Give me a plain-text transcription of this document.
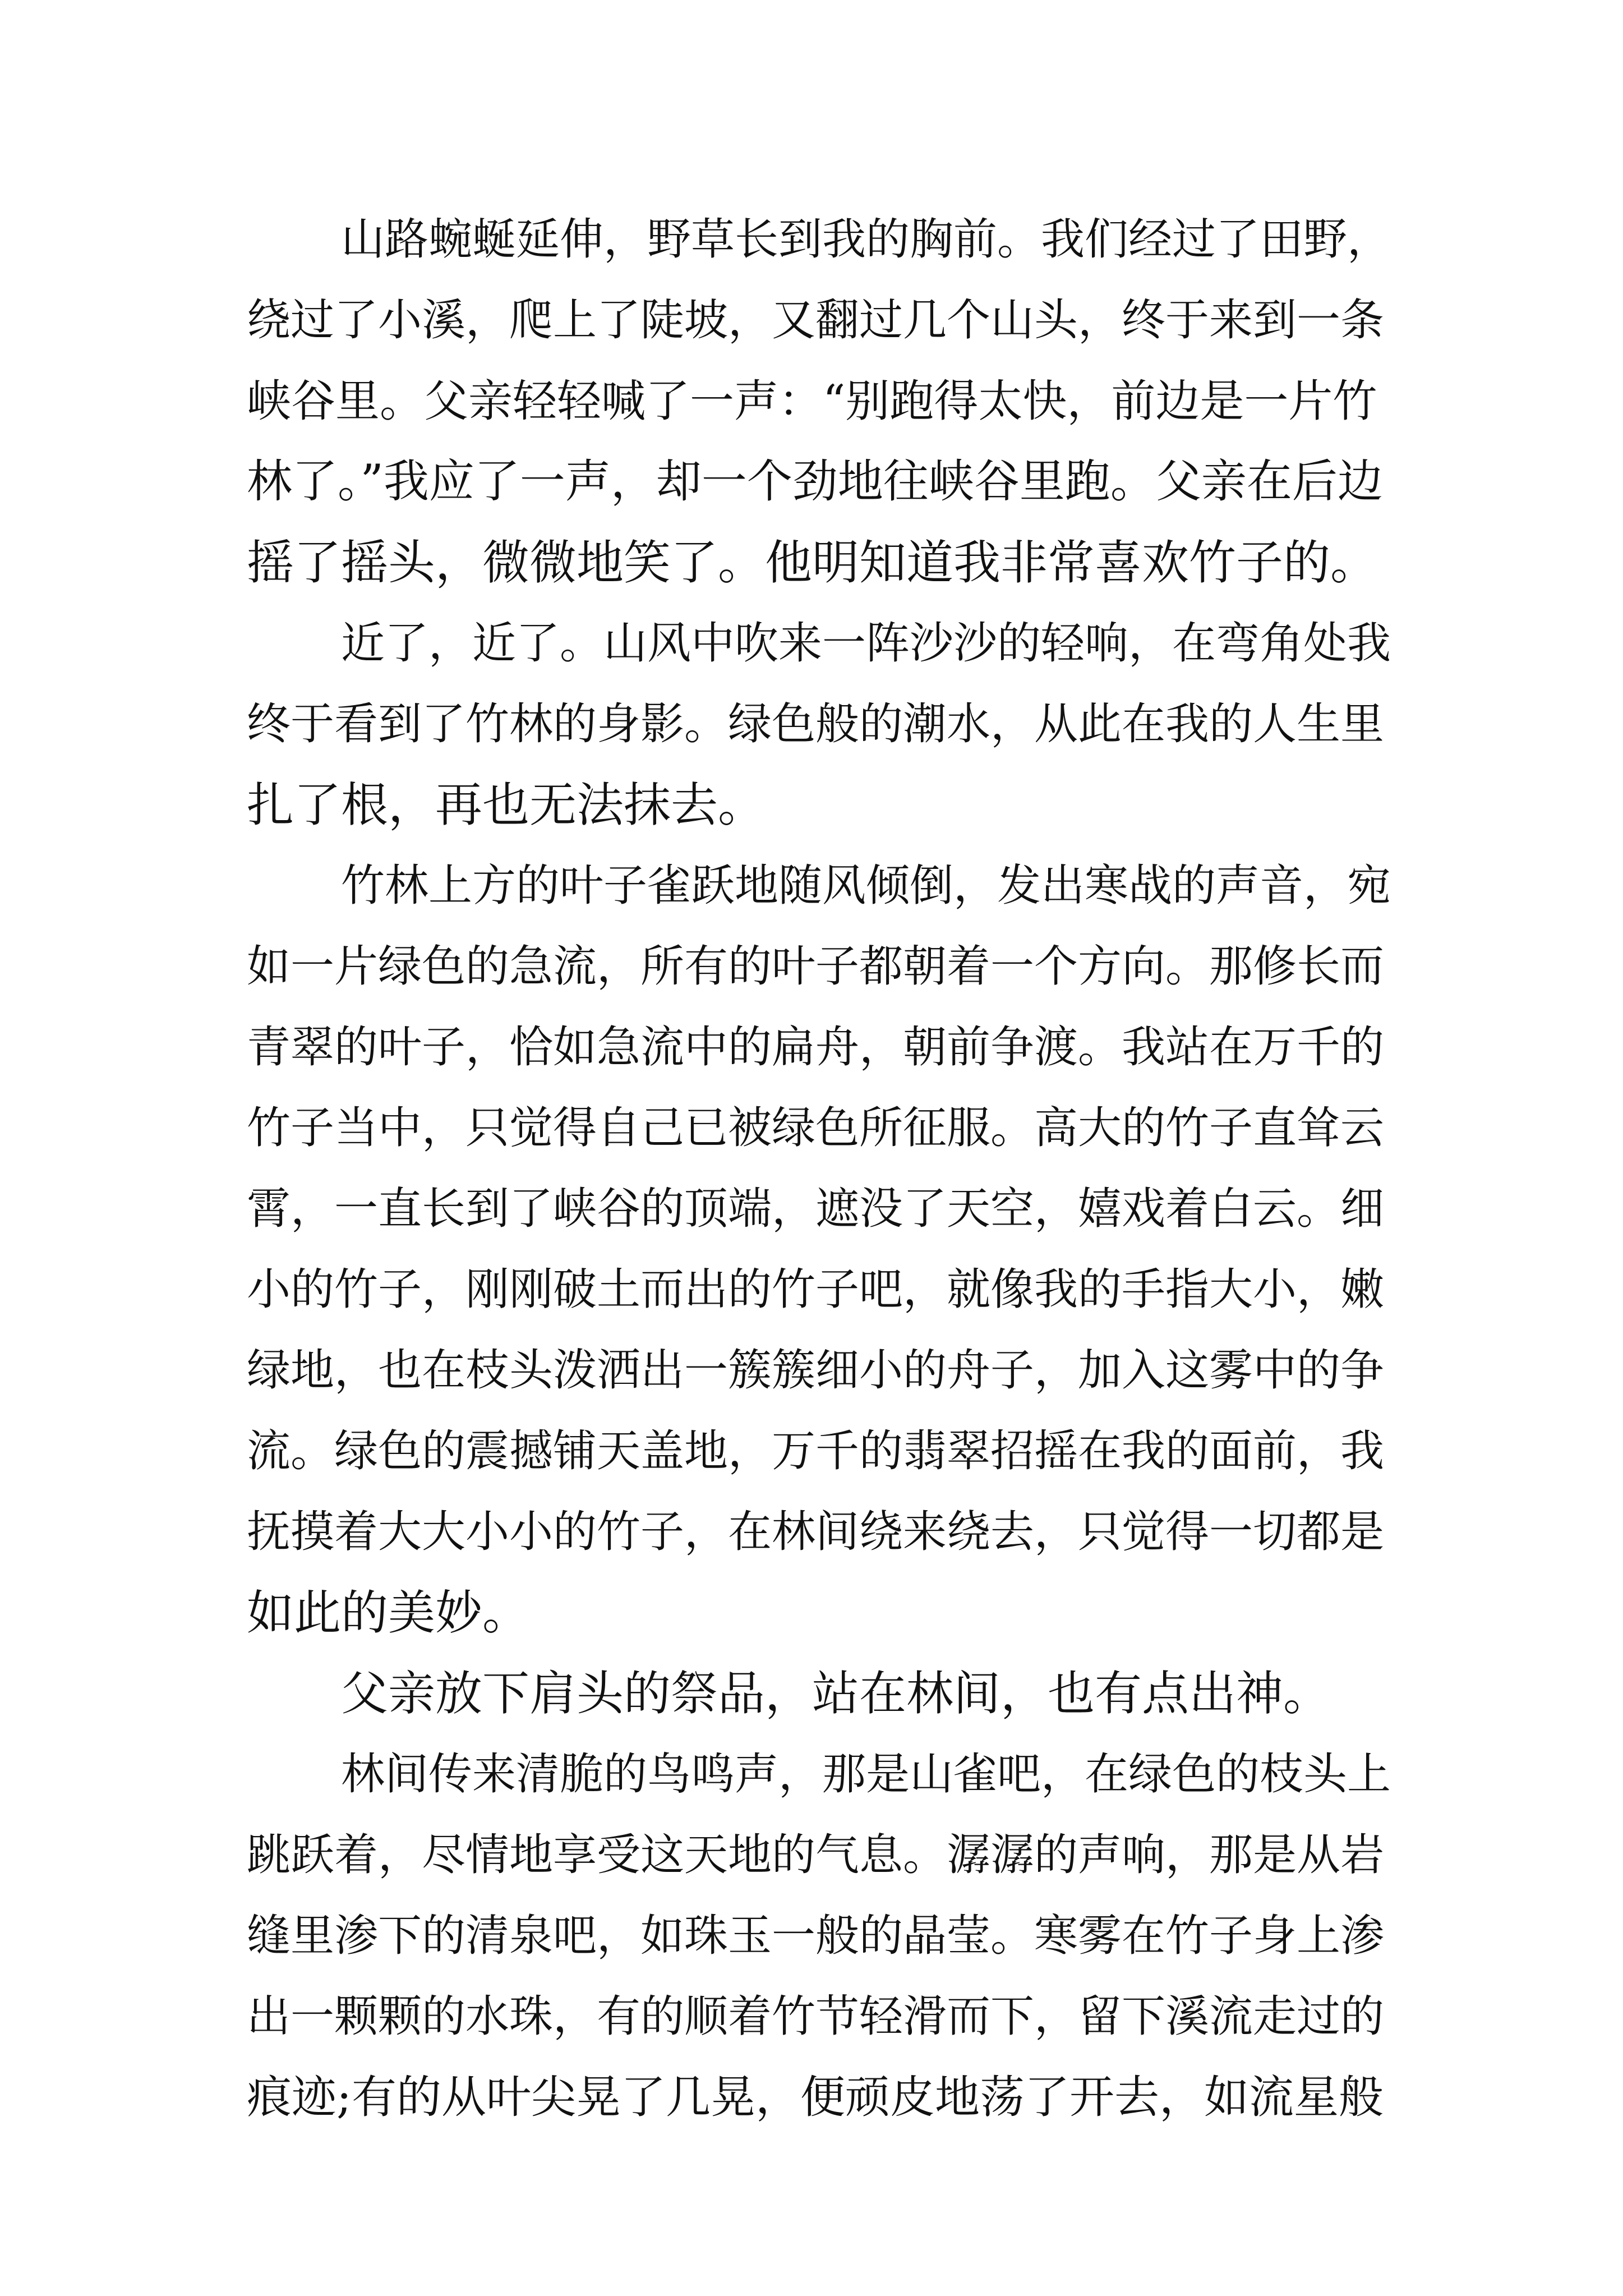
山路蜿蜒延伸，野草长到我的胸前。我们经过了田野，
绕过了小溪，爬上了陡坡，又翻过几个山头，终于来到一条
峡谷里。父亲轻轻喊了一声：“别跑得太快，前边是一片竹
林了。”我应了一声，却一个劲地往峡谷里跑。父亲在后边
摇了摇头，微微地笑了。他明知道我非常喜欢竹子的。
近了，近了。山风中吹来一阵沙沙的轻响，在弯角处我
终于看到了竹林的身影。绿色般的潮水，从此在我的人生里
扎了根，再也无法抹去。
竹林上方的叶子雀跃地随风倾倒，发出寒战的声音，宛
如一片绿色的急流，所有的叶子都朝着一个方向。那修长而
青翠的叶子，恰如急流中的扁舟，朝前争渡。我站在万千的
竹子当中，只觉得自己已被绿色所征服。高大的竹子直耸云
霄，一直长到了峡谷的顶端，遮没了天空，嬉戏着白云。细
小的竹子，刚刚破土而出的竹子吧，就像我的手指大小，嫩
绿地，也在枝头泼洒出一簇簇细小的舟子，加入这雾中的争
流。绿色的震撼铺天盖地，万千的翡翠招摇在我的面前，我
抚摸着大大小小的竹子，在林间绕来绕去，只觉得一切都是
如此的美妙。
父亲放下肩头的祭品，站在林间，也有点出神。
林间传来清脆的鸟鸣声，那是山雀吧，在绿色的枝头上
跳跃着，尽情地享受这天地的气息。潺潺的声响，那是从岩
缝里渗下的清泉吧，如珠玉一般的晶莹。寒雾在竹子身上渗
出一颗颗的水珠，有的顺着竹节轻滑而下，留下溪流走过的
痕迹;有的从叶尖晃了几晃，便顽皮地荡了开去，如流星般
